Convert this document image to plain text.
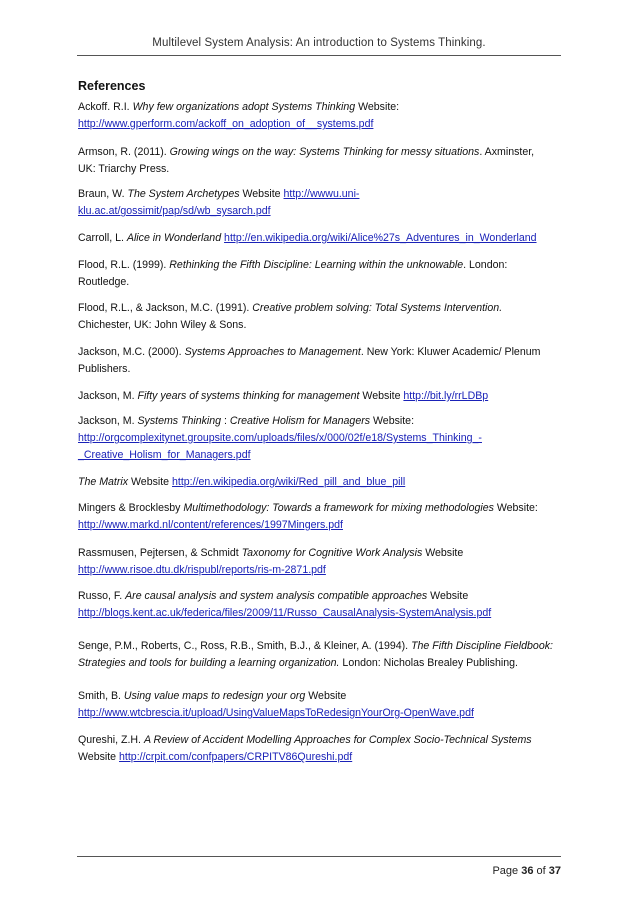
Multilevel System Analysis: An introduction to Systems Thinking.
References
Ackoff. R.I. Why few organizations adopt Systems Thinking Website:
http://www.gperform.com/ackoff_on_adoption_of__systems.pdf
Armson, R. (2011). Growing wings on the way: Systems Thinking for messy situations. Axminster,
UK: Triarchy Press.
Braun, W. The System Archetypes Website http://wwwu.uni-
klu.ac.at/gossimit/pap/sd/wb_sysarch.pdf
Carroll, L. Alice in Wonderland http://en.wikipedia.org/wiki/Alice%27s_Adventures_in_Wonderland
Flood, R.L. (1999). Rethinking the Fifth Discipline: Learning within the unknowable. London:
Routledge.
Flood, R.L., & Jackson, M.C. (1991). Creative problem solving: Total Systems Intervention.
Chichester, UK: John Wiley & Sons.
Jackson, M.C. (2000). Systems Approaches to Management. New York: Kluwer Academic/ Plenum
Publishers.
Jackson, M. Fifty years of systems thinking for management Website http://bit.ly/rrLDBp
Jackson, M. Systems Thinking : Creative Holism for Managers Website:
http://orgcomplexitynet.groupsite.com/uploads/files/x/000/02f/e18/Systems_Thinking_-
_Creative_Holism_for_Managers.pdf
The Matrix Website http://en.wikipedia.org/wiki/Red_pill_and_blue_pill
Mingers & Brocklesby Multimethodology: Towards a framework for mixing methodologies Website:
http://www.markd.nl/content/references/1997Mingers.pdf
Rassmusen, Pejtersen, & Schmidt Taxonomy for Cognitive Work Analysis Website
http://www.risoe.dtu.dk/rispubl/reports/ris-m-2871.pdf
Russo, F. Are causal analysis and system analysis compatible approaches Website
http://blogs.kent.ac.uk/federica/files/2009/11/Russo_CausalAnalysis-SystemAnalysis.pdf
Senge, P.M., Roberts, C., Ross, R.B., Smith, B.J., & Kleiner, A. (1994). The Fifth Discipline Fieldbook:
Strategies and tools for building a learning organization. London: Nicholas Brealey Publishing.
Smith, B. Using value maps to redesign your org Website
http://www.wtcbrescia.it/upload/UsingValueMapsToRedesignYourOrg-OpenWave.pdf
Qureshi, Z.H. A Review of Accident Modelling Approaches for Complex Socio-Technical Systems
Website http://crpit.com/confpapers/CRPITV86Qureshi.pdf
Page 36 of 37
